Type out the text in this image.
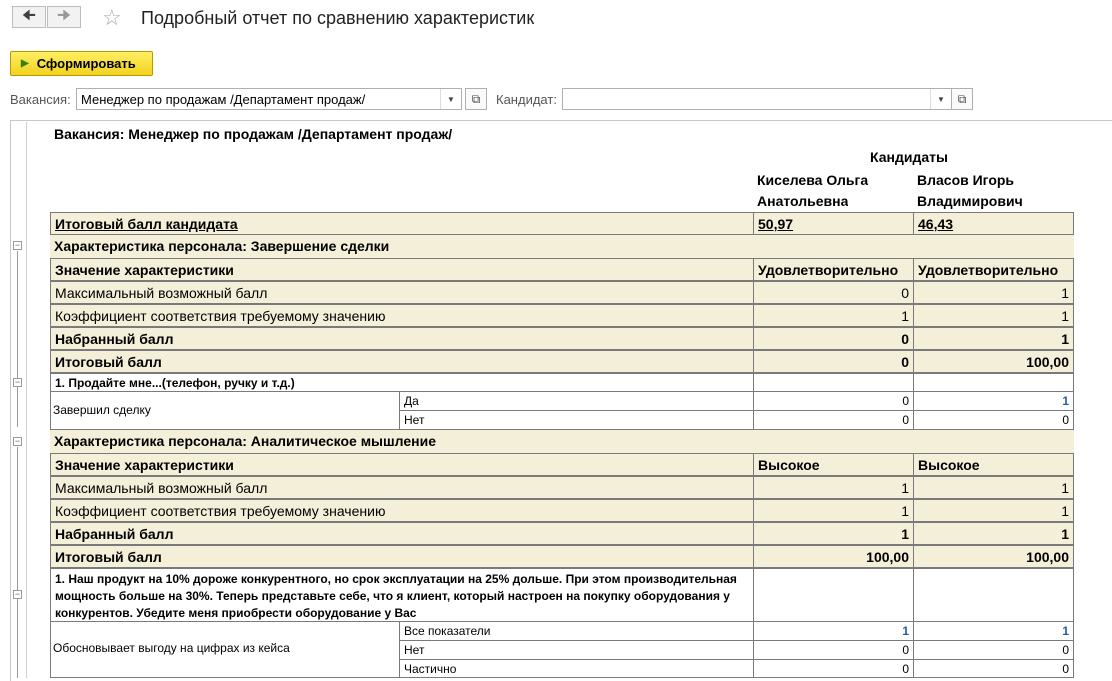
🠈 🠊 ☆ Подробный отчет по сравнению характеристик
▶ Сформировать
Вакансия: Менеджер по продажам /Департамент продаж/	▼	⧉	Кандидат:	▼	⧉
−
−
−
−
Вакансия: Менеджер по продажам /Департамент продаж/
Кандидаты
Киселева Ольга
Анатольевна
Власов Игорь
Владимирович
Итоговый балл кандидата	50,97	46,43
Характеристика персонала: Завершение сделки
Значение характеристики	Удовлетворительно	Удовлетворительно
Максимальный возможный балл	0	1
Коэффициент соответствия требуемому значению	1	1
Набранный балл	0	1
Итоговый балл	0	100,00
1. Продайте мне...(телефон, ручку и т.д.)
Завершил сделку
Да	0	1
Нет	0	0
Характеристика персонала: Аналитическое мышление
Значение характеристики	Высокое	Высокое
Максимальный возможный балл	1	1
Коэффициент соответствия требуемому значению	1	1
Набранный балл	1	1
Итоговый балл	100,00	100,00
1. Наш продукт на 10% дороже конкурентного, но срок эксплуатации на 25% дольше. При этом производительная мощность больше на 30%. Теперь представьте себе, что я клиент, который настроен на покупку оборудования у конкурентов. Убедите меня приобрести оборудование у Вас
Обосновывает выгоду на цифрах из кейса
Все показатели	1	1
Нет	0	0
Частично	0	0
